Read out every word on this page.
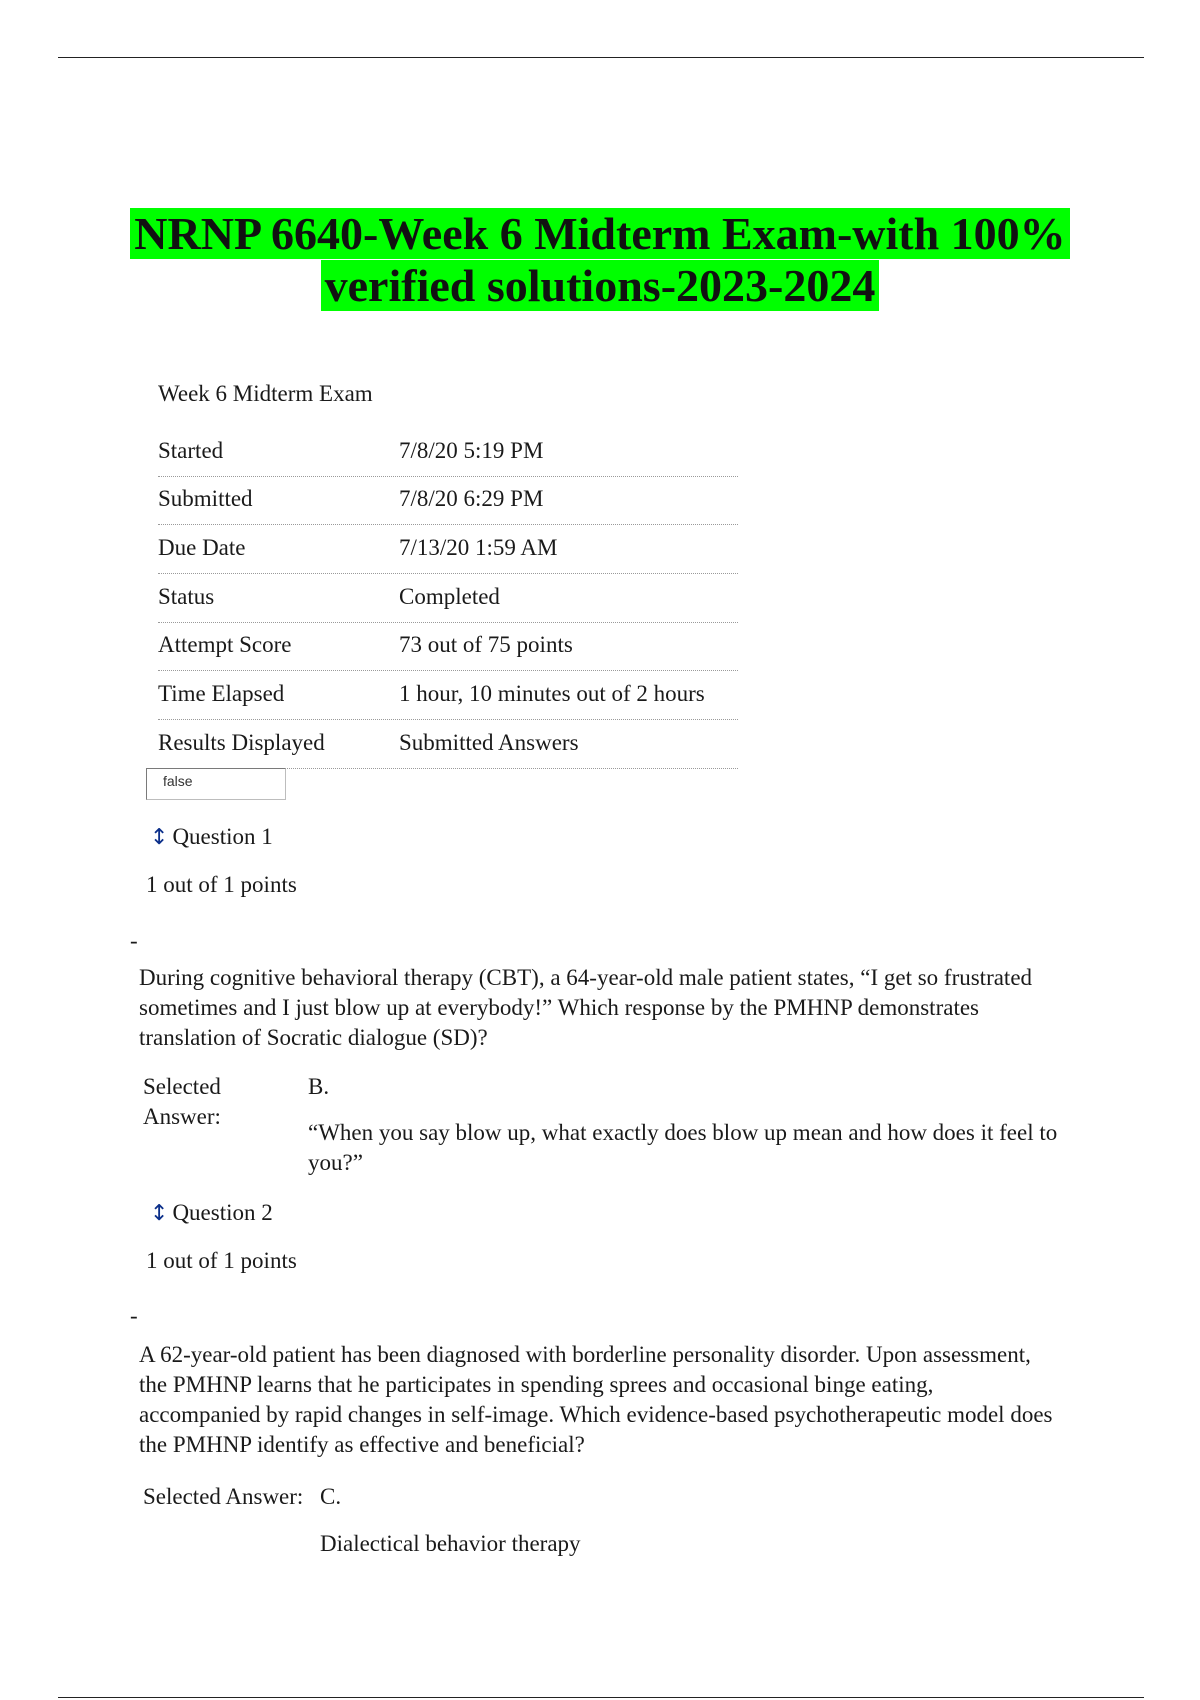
NRNP 6640-Week 6 Midterm Exam-with 100%
verified solutions-2023-2024
Week 6 Midterm Exam
Started	7/8/20 5:19 PM
Submitted	7/8/20 6:29 PM
Due Date	7/13/20 1:59 AM
Status	Completed
Attempt Score	73 out of 75 points
Time Elapsed	1 hour, 10 minutes out of 2 hours
Results Displayed	Submitted Answers
false
↕ Question 1
1 out of 1 points
-
During cognitive behavioral therapy (CBT), a 64-year-old male patient states, “I get so frustrated sometimes and I just blow up at everybody!” Which response by the PMHNP demonstrates translation of Socratic dialogue (SD)?
Selected Answer:
B.
“When you say blow up, what exactly does blow up mean and how does it feel to you?”
↕ Question 2
1 out of 1 points
-
A 62-year-old patient has been diagnosed with borderline personality disorder. Upon assessment, the PMHNP learns that he participates in spending sprees and occasional binge eating, accompanied by rapid changes in self-image. Which evidence-based psychotherapeutic model does the PMHNP identify as effective and beneficial?
Selected Answer: C.
Dialectical behavior therapy
